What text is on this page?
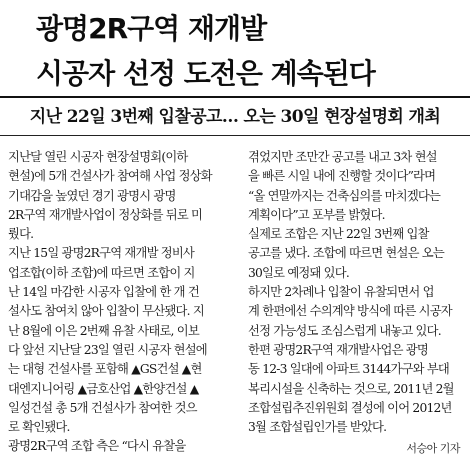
광명2R구역 재개발
시공자 선정 도전은 계속된다
지난 22일 3번째 입찰공고… 오는 30일 현장설명회 개최
지난달 열린 시공자 현장설명회(이하
현설)에 5개 건설사가 참여해 사업 정상화
기대감을 높였던 경기 광명시 광명
2R구역 재개발사업이 정상화를 뒤로 미
뤘다.
지난 15일 광명2R구역 재개발 정비사
업조합(이하 조합)에 따르면 조합이 지
난 14일 마감한 시공자 입찰에 한 개 건
설사도 참여치 않아 입찰이 무산됐다. 지
난 8월에 이은 2번째 유찰 사태로, 이보
다 앞선 지난달 23일 열린 시공자 현설에
는 대형 건설사를 포함해 ▲GS건설 ▲현
대엔지니어링 ▲금호산업 ▲한양건설 ▲
일성건설 총 5개 건설사가 참여한 것으
로 확인됐다.
광명2R구역 조합 측은 “다시 유찰을
겪었지만 조만간 공고를 내고 3차 현설
을 빠른 시일 내에 진행할 것이다”라며
“올 연말까지는 건축심의를 마치겠다는
계획이다”고 포부를 밝혔다.
실제로 조합은 지난 22일 3번째 입찰
공고를 냈다. 조합에 따르면 현설은 오는
30일로 예정돼 있다.
하지만 2차례나 입찰이 유찰되면서 업
계 한편에선 수의계약 방식에 따른 시공자
선정 가능성도 조심스럽게 내놓고 있다.
한편 광명2R구역 재개발사업은 광명
동 12-3 일대에 아파트 3144가구와 부대
복리시설을 신축하는 것으로, 2011년 2월
조합설립추진위원회 결성에 이어 2012년
3월 조합설립인가를 받았다.
서승아 기자
